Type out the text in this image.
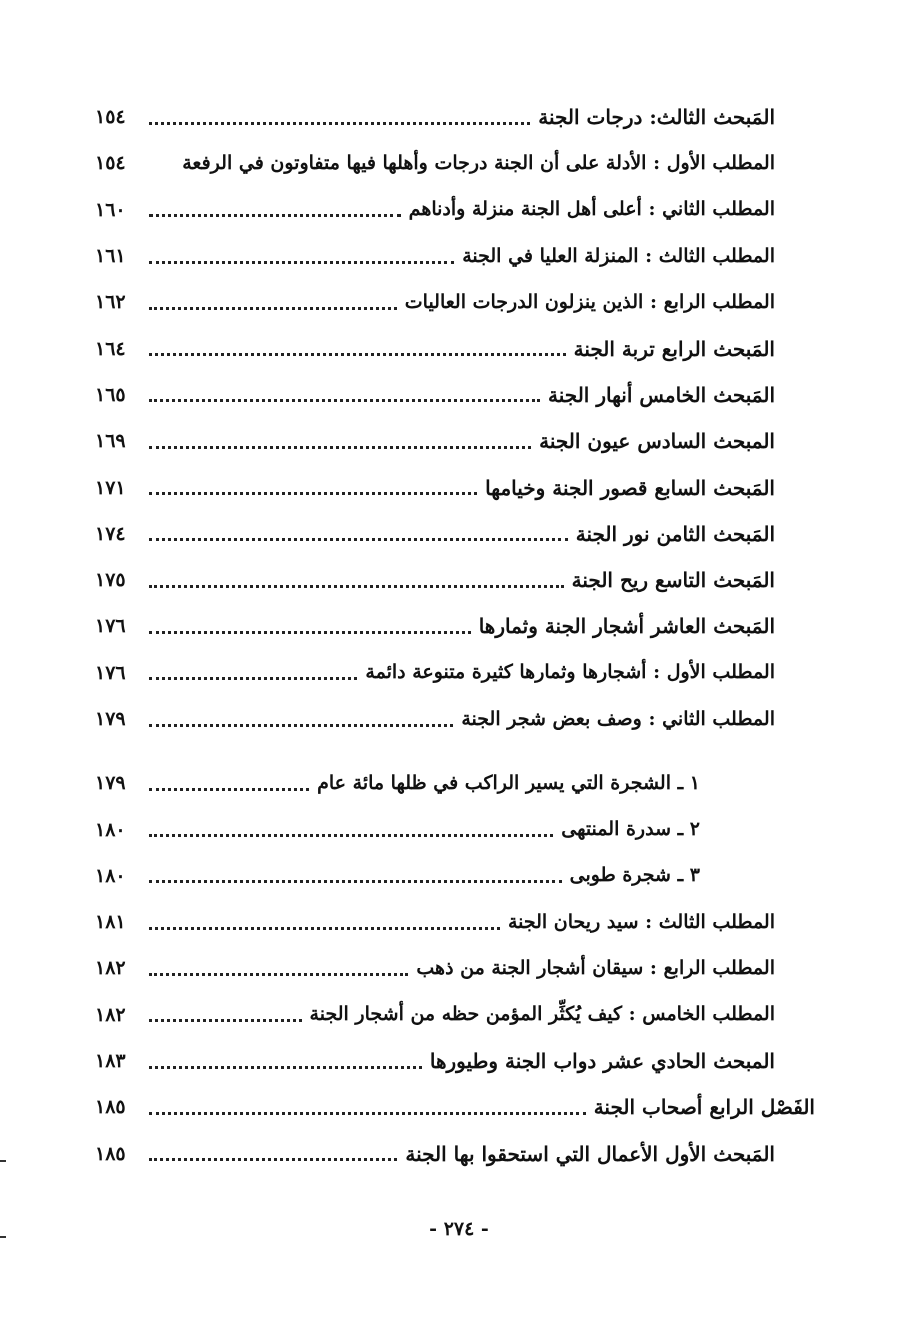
المَبحث الثالث: درجات الجنة
١٥٤
المطلب الأول : الأدلة على أن الجنة درجات وأهلها فيها متفاوتون في الرفعة
١٥٤
المطلب الثاني : أعلى أهل الجنة منزلة وأدناهم
١٦٠
المطلب الثالث : المنزلة العليا في الجنة
١٦١
المطلب الرابع : الذين ينزلون الدرجات العاليات
١٦٢
المَبحث الرابع تربة الجنة
١٦٤
المَبحث الخامس أنهار الجنة
١٦٥
المبحث السادس عيون الجنة
١٦٩
المَبحث السابع قصور الجنة وخيامها
١٧١
المَبحث الثامن نور الجنة
١٧٤
المَبحث التاسع ريح الجنة
١٧٥
المَبحث العاشر أشجار الجنة وثمارها
١٧٦
المطلب الأول : أشجارها وثمارها كثيرة متنوعة دائمة
١٧٦
المطلب الثاني : وصف بعض شجر الجنة
١٧٩
١ ـ الشجرة التي يسير الراكب في ظلها مائة عام
١٧٩
٢ ـ سدرة المنتهى
١٨٠
٣ ـ شجرة طوبى
١٨٠
المطلب الثالث : سيد ريحان الجنة
١٨١
المطلب الرابع : سيقان أشجار الجنة من ذهب
١٨٢
المطلب الخامس : كيف يُكثِّر المؤمن حظه من أشجار الجنة
١٨٢
المبحث الحادي عشر دواب الجنة وطيورها
١٨٣
الفَصْل الرابع أصحاب الجنة
١٨٥
المَبحث الأول الأعمال التي استحقوا بها الجنة
١٨٥
- ٢٧٤ -
